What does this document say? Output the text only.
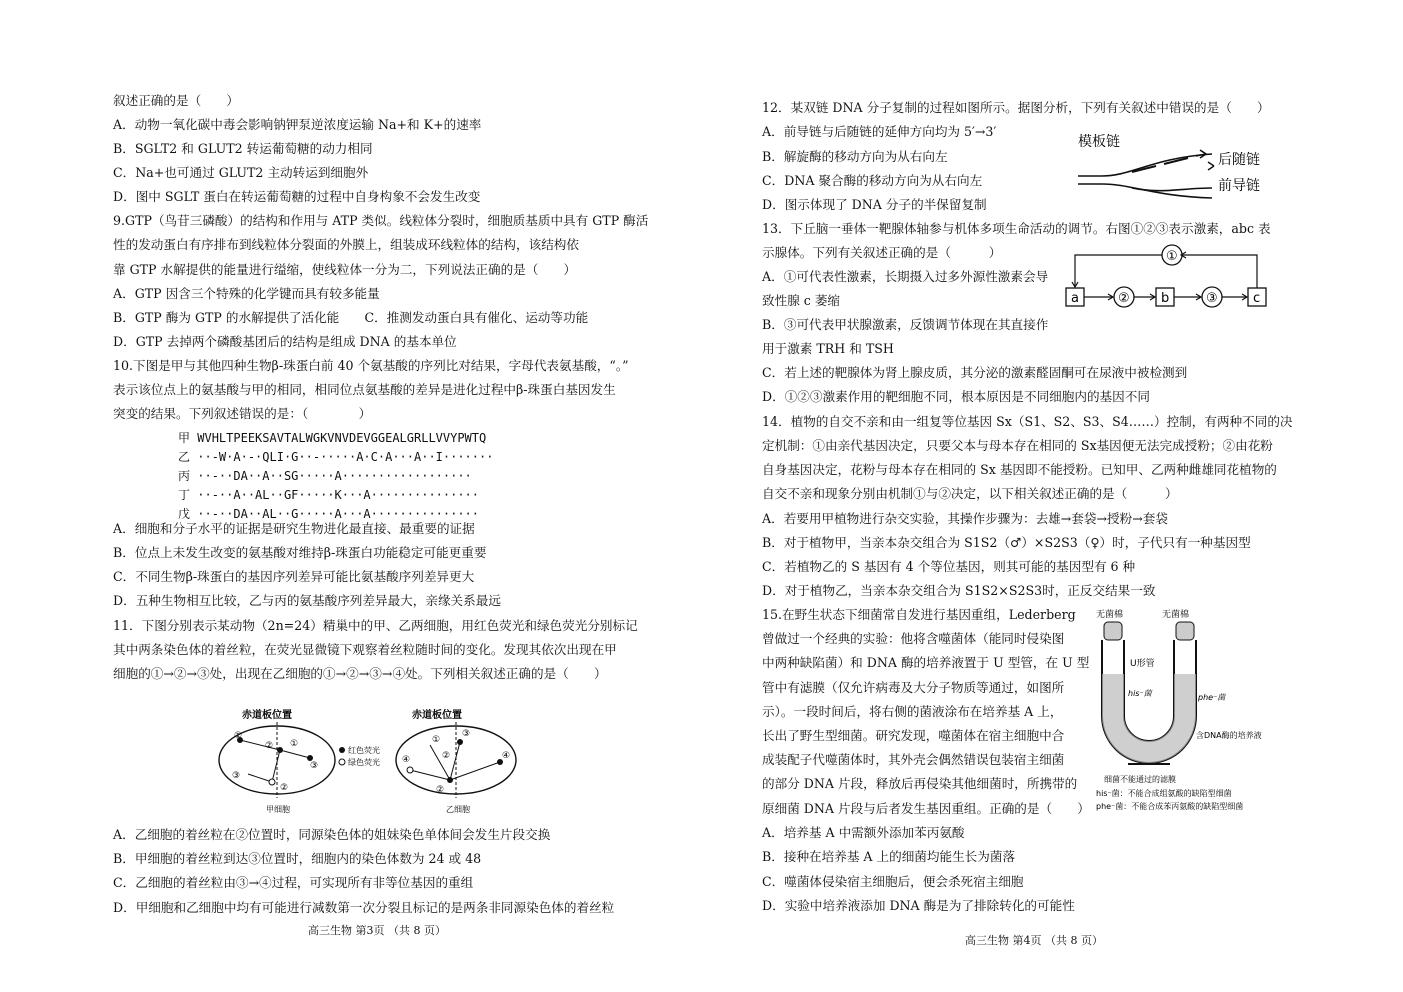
叙述正确的是（　　）
A．动物一氧化碳中毒会影响钠钾泵逆浓度运输 Na+和 K+的速率
B．SGLT2 和 GLUT2 转运葡萄糖的动力相同
C．Na+也可通过 GLUT2 主动转运到细胞外
D．图中 SGLT 蛋白在转运葡萄糖的过程中自身构象不会发生改变
9.GTP（鸟苷三磷酸）的结构和作用与 ATP 类似。线粒体分裂时，细胞质基质中具有 GTP 酶活
性的发动蛋白有序排布到线粒体分裂面的外膜上，组装成环线粒体的结构，该结构依
靠 GTP 水解提供的能量进行缢缩，使线粒体一分为二，下列说法正确的是（　　）
A．GTP 因含三个特殊的化学键而具有较多能量
B．GTP 酶为 GTP 的水解提供了活化能　　C．推测发动蛋白具有催化、运动等功能
D．GTP 去掉两个磷酸基团后的结构是组成 DNA 的基本单位
10.下图是甲与其他四种生物β-珠蛋白前 40 个氨基酸的序列比对结果，字母代表氨基酸，“。”
表示该位点上的氨基酸与甲的相同，相同位点氨基酸的差异是进化过程中β-珠蛋白基因发生
突变的结果。下列叙述错误的是：（　　　　）
甲 WVHLTPEEKSAVTALWGKVNVDEVGGEALGRLLVVYPWTQ
乙 ··-W·A·-·QLI·G··-·····A·C·A···A··I·······
丙 ··-··DA··A··SG·····A··················
丁 ··-··A··AL··GF·····K···A···············
戊 ··-··DA··AL··G·····A···A···············
A．细胞和分子水平的证据是研究生物进化最直接、最重要的证据
B．位点上未发生改变的氨基酸对维持β-珠蛋白功能稳定可能更重要
C．不同生物β-珠蛋白的基因序列差异可能比氨基酸序列差异更大
D．五种生物相互比较，乙与丙的氨基酸序列差异最大，亲缘关系最远
11．下图分别表示某动物（2n=24）精巢中的甲、乙两细胞，用红色荧光和绿色荧光分别标记
其中两条染色体的着丝粒，在荧光显微镜下观察着丝粒随时间的变化。发现其依次出现在甲
细胞的①→②→③处，出现在乙细胞的①→②→③→④处。下列相关叙述正确的是（　　）
赤道板位置	赤道板位置
①
②
③
①
②
③
红色荧光
绿色荧光
甲细胞
④
①
②
③
②
④
乙细胞
A．乙细胞的着丝粒在②位置时，同源染色体的姐妹染色单体间会发生片段交换
B．甲细胞的着丝粒到达③位置时，细胞内的染色体数为 24 或 48
C．乙细胞的着丝粒由③→④过程，可实现所有非等位基因的重组
D．甲细胞和乙细胞中均有可能进行减数第一次分裂且标记的是两条非同源染色体的着丝粒
高三生物 第3页 （共 8 页）
12．某双链 DNA 分子复制的过程如图所示。据图分析，下列有关叙述中错误的是（　　）
A．前导链与后随链的延伸方向均为 5′→3′
B．解旋酶的移动方向为从右向左
C．DNA 聚合酶的移动方向为从右向左
D．图示体现了 DNA 分子的半保留复制
模板链
后随链
前导链
13．下丘脑一垂体一靶腺体轴参与机体多项生命活动的调节。右图①②③表示激素，abc 表
示腺体。下列有关叙述正确的是（　　　）
A．①可代表性激素，长期摄入过多外源性激素会导
致性腺 c 萎缩
B．③可代表甲状腺激素，反馈调节体现在其直接作
用于激素 TRH 和 TSH
C．若上述的靶腺体为肾上腺皮质，其分泌的激素醛固酮可在尿液中被检测到
D．①②③激素作用的靶细胞不同，根本原因是不同细胞内的基因不同
①
a	② b	③	c
14．植物的自交不亲和由一组复等位基因 Sx（S1、S2、S3、S4……）控制，有两种不同的决
定机制：①由亲代基因决定，只要父本与母本存在相同的 Sx基因便无法完成授粉；②由花粉
自身基因决定，花粉与母本存在相同的 Sx 基因即不能授粉。已知甲、乙两种雌雄同花植物的
自交不亲和现象分别由机制①与②决定，以下相关叙述正确的是（　　　）
A．若要用甲植物进行杂交实验，其操作步骤为：去雄→套袋→授粉→套袋
B．对于植物甲，当亲本杂交组合为 S1S2（♂）×S2S3（♀）时，子代只有一种基因型
C．若植物乙的 S 基因有 4 个等位基因，则其可能的基因型有 6 种
D．对于植物乙，当亲本杂交组合为 S1S2×S2S3时，正反交结果一致
15.在野生状态下细菌常自发进行基因重组，Lederberg
曾做过一个经典的实验：他将含噬菌体（能同时侵染图
中两种缺陷菌）和 DNA 酶的培养液置于 U 型管，在 U 型
管中有滤膜（仅允许病毒及大分子物质等通过，如图所
示）。一段时间后，将右侧的菌液涂布在培养基 A 上，
长出了野生型细菌。研究发现，噬菌体在宿主细胞中合
成装配子代噬菌体时，其外壳会偶然错误包装宿主细菌
的部分 DNA 片段，释放后再侵染其他细菌时，所携带的
原细菌 DNA 片段与后者发生基因重组。正确的是（　　）
A．培养基 A 中需额外添加苯丙氨酸
B．接种在培养基 A 上的细菌均能生长为菌落
C．噬菌体侵染宿主细胞后，便会杀死宿主细胞
D．实验中培养液添加 DNA 酶是为了排除转化的可能性
无菌棉	无菌棉
U形管
his⁻菌	phe⁻菌
含DNA酶的培养液
细菌不能通过的滤膜
his⁻菌：不能合成组氨酸的缺陷型细菌
phe⁻菌：不能合成苯丙氨酸的缺陷型细菌
高三生物 第4页 （共 8 页）
